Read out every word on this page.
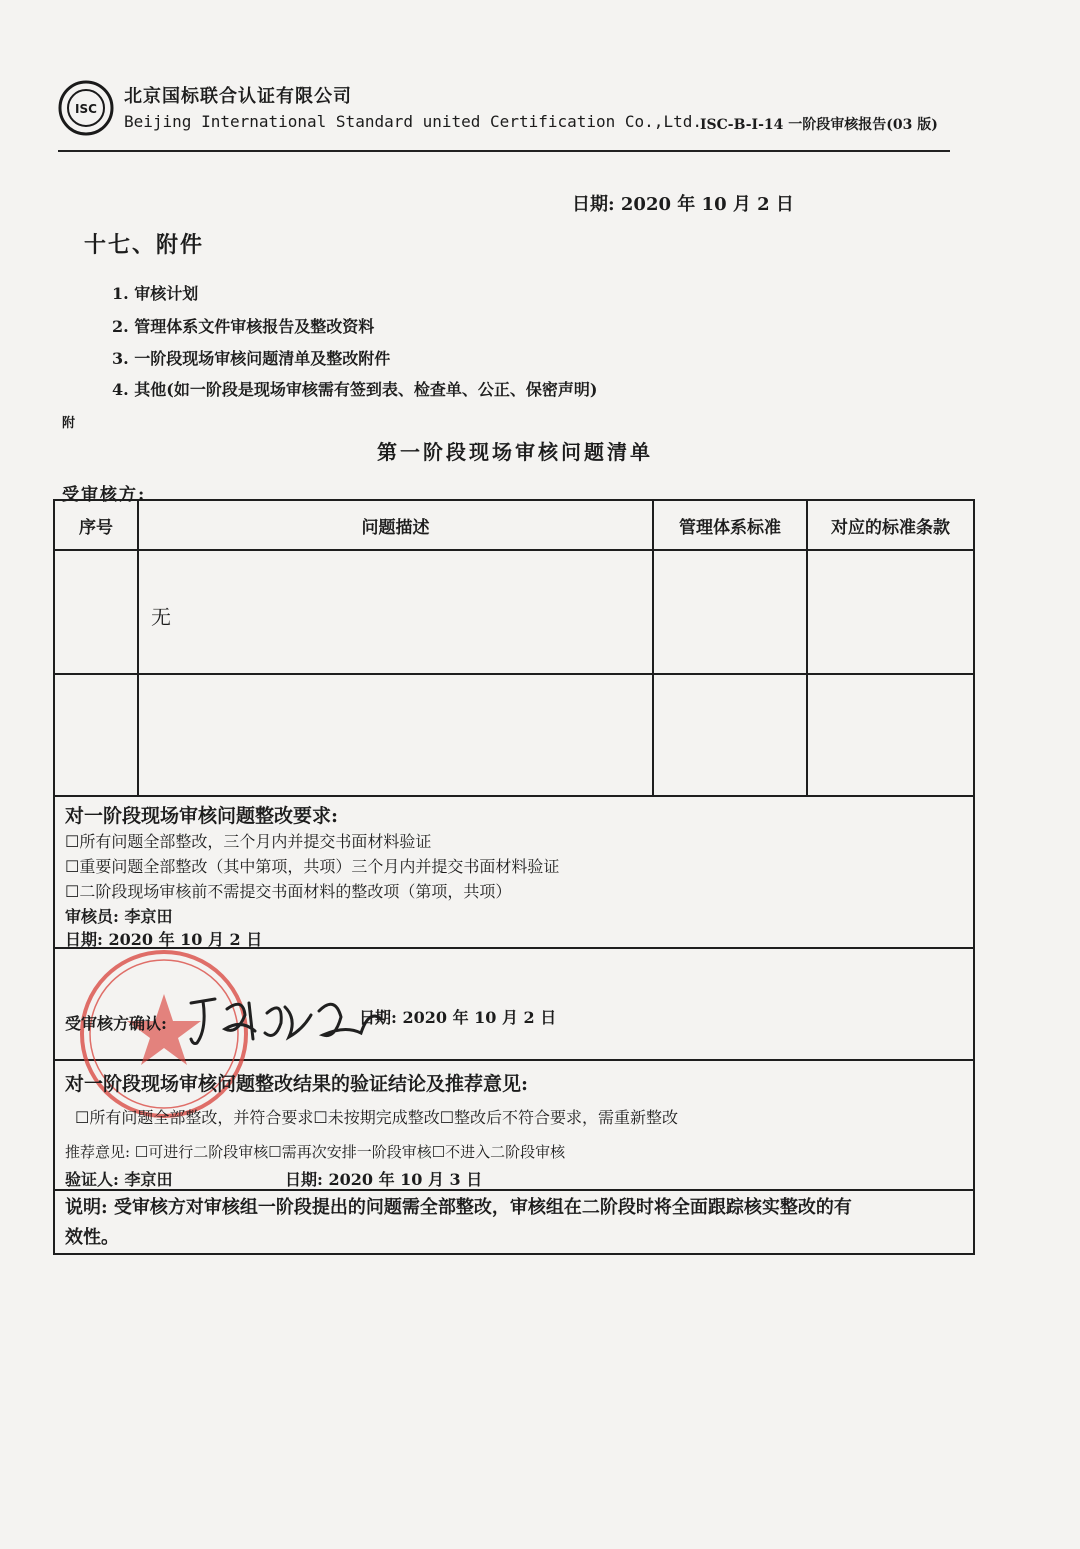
ISC
北京国标联合认证有限公司
Beijing International Standard united Certification Co.,Ltd.
ISC-B-I-14 一阶段审核报告(03 版)
日期: 2020 年 10 月 2 日
十七、附件
1. 审核计划
2. 管理体系文件审核报告及整改资料
3. 一阶段现场审核问题清单及整改附件
4. 其他(如一阶段是现场审核需有签到表、检查单、公正、保密声明)
附
第一阶段现场审核问题清单
受审核方:
序号	问题描述	管理体系标准	对应的标准条款
无
对一阶段现场审核问题整改要求:
☐所有问题全部整改，三个月内并提交书面材料验证
☐重要问题全部整改（其中第项，共项）三个月内并提交书面材料验证
☐二阶段现场审核前不需提交书面材料的整改项（第项，共项）
审核员: 李京田
日期: 2020 年 10 月 2 日
受审核方确认:	日期: 2020 年 10 月 2 日
对一阶段现场审核问题整改结果的验证结论及推荐意见:
☐所有问题全部整改，并符合要求☐未按期完成整改☐整改后不符合要求，需重新整改
推荐意见: ☐可进行二阶段审核☐需再次安排一阶段审核☐不进入二阶段审核
验证人: 李京田	日期: 2020 年 10 月 3 日
说明: 受审核方对审核组一阶段提出的问题需全部整改，审核组在二阶段时将全面跟踪核实整改的有
效性。
